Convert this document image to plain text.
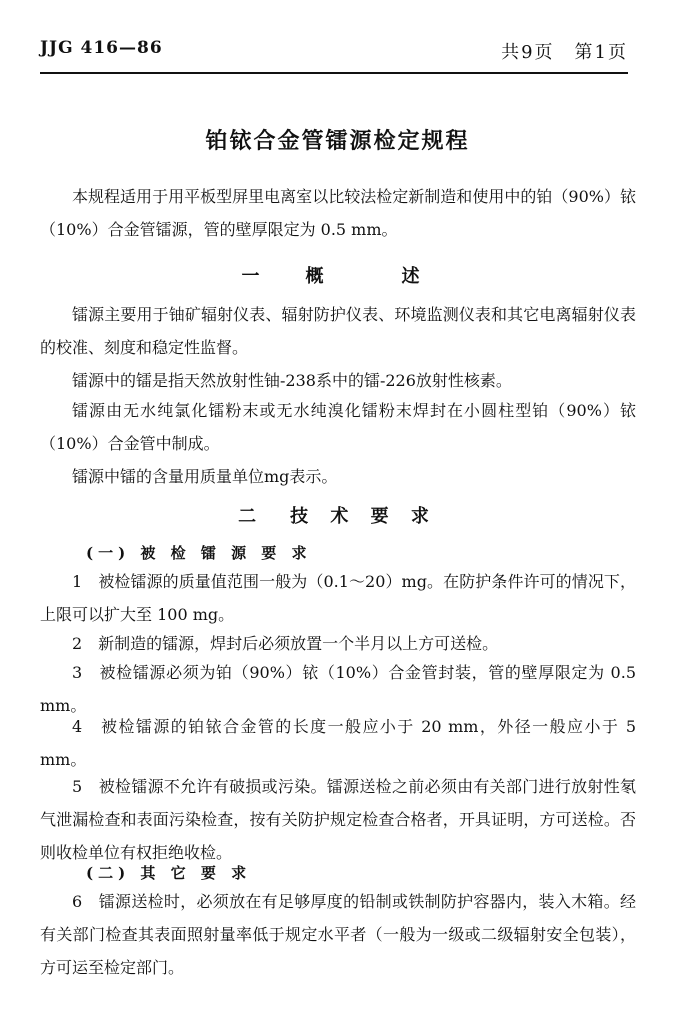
JJG 416—86	共9页　第1页
铂铱合金管镭源检定规程
本规程适用于用平板型屏里电离室以比较法检定新制造和使用中的铂（90%）铱（10%）合金管镭源，管的壁厚限定为 0.5 mm。
一　概　　述
镭源主要用于铀矿辐射仪表、辐射防护仪表、环境监测仪表和其它电离辐射仪表的校准、刻度和稳定性监督。
镭源中的镭是指天然放射性铀-238系中的镭-226放射性核素。
镭源由无水纯氯化镭粉末或无水纯溴化镭粉末焊封在小圆柱型铂（90%）铱（10%）合金管中制成。
镭源中镭的含量用质量单位mg表示。
二　技 术 要 求
(一) 被 检 镭 源 要 求
1　被检镭源的质量值范围一般为（0.1～20）mg。在防护条件许可的情况下，上限可以扩大至 100 mg。
2　新制造的镭源，焊封后必须放置一个半月以上方可送检。
3　被检镭源必须为铂（90%）铱（10%）合金管封装，管的壁厚限定为 0.5 mm。
4　被检镭源的铂铱合金管的长度一般应小于 20 mm，外径一般应小于 5 mm。
5　被检镭源不允许有破损或污染。镭源送检之前必须由有关部门进行放射性氡气泄漏检查和表面污染检查，按有关防护规定检查合格者，开具证明，方可送检。否则收检单位有权拒绝收检。
(二) 其 它 要 求
6　镭源送检时，必须放在有足够厚度的铅制或铁制防护容器内，装入木箱。经有关部门检查其表面照射量率低于规定水平者（一般为一级或二级辐射安全包装），方可运至检定部门。
